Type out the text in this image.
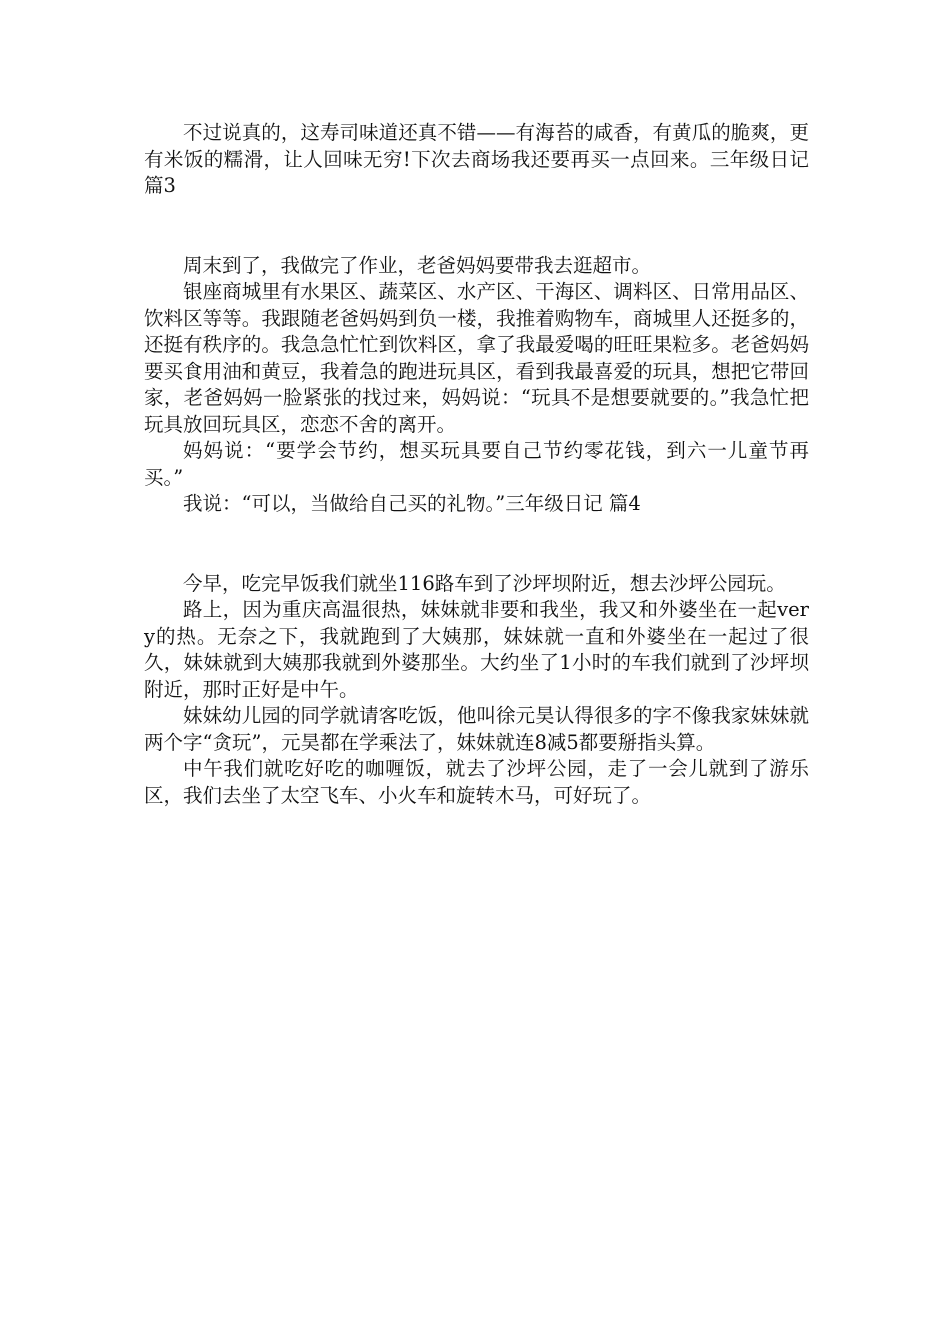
不过说真的，这寿司味道还真不错——有海苔的咸香，有黄瓜的脆爽，更有米饭的糯滑，让人回味无穷!下次去商场我还要再买一点回来。三年级日记 篇3

周末到了，我做完了作业，老爸妈妈要带我去逛超市。

银座商城里有水果区、蔬菜区、水产区、干海区、调料区、日常用品区、饮料区等等。我跟随老爸妈妈到负一楼，我推着购物车，商城里人还挺多的，还挺有秩序的。我急急忙忙到饮料区，拿了我最爱喝的旺旺果粒多。老爸妈妈要买食用油和黄豆，我着急的跑进玩具区，看到我最喜爱的玩具，想把它带回家，老爸妈妈一脸紧张的找过来，妈妈说：“玩具不是想要就要的。”我急忙把玩具放回玩具区，恋恋不舍的离开。

妈妈说：“要学会节约，想买玩具要自己节约零花钱，到六一儿童节再买。”

我说：“可以，当做给自己买的礼物。”三年级日记 篇4

今早，吃完早饭我们就坐116路车到了沙坪坝附近，想去沙坪公园玩。

路上，因为重庆高温很热，妹妹就非要和我坐，我又和外婆坐在一起very的热。无奈之下，我就跑到了大姨那，妹妹就一直和外婆坐在一起过了很久，妹妹就到大姨那我就到外婆那坐。大约坐了1小时的车我们就到了沙坪坝附近，那时正好是中午。

妹妹幼儿园的同学就请客吃饭，他叫徐元昊认得很多的字不像我家妹妹就两个字“贪玩”，元昊都在学乘法了，妹妹就连8减5都要掰指头算。

中午我们就吃好吃的咖喱饭，就去了沙坪公园，走了一会儿就到了游乐区，我们去坐了太空飞车、小火车和旋转木马，可好玩了。
